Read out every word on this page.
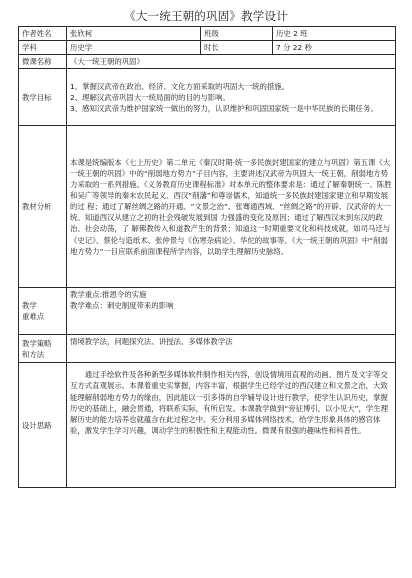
《大一统王朝的巩固》教学设计
作者姓名	张欣柯	班级	历史 2 班
学科	历史学	时长	7 分 22 秒
微课名称	《大一统王朝的巩固》		
教学目标	1、掌握汉武帝在政治、经济、文化方面采取的巩固大一统的措施。
2、理解汉武帝巩固大一统局面的的目的与影响。
3、感知汉武帝为维护国家统一做出的努力，认识维护和巩固国家统一是中华民族的长期任务。		

教材分析	本课是统编版本《七上历史》第二单元《秦汉时期·统一多民族封建国家的建立与巩固》第五课《大一统王朝的巩固》中的“削弱地方势力”子目内容，主要讲述汉武帝为巩固大一统王朝，削弱地方势力采取的一系列措施。《义务教育历史课程标准》对本单元的整体要求是：通过了解秦朝统一、陈胜和吴广等领导的秦末农民起义、西汉“削藩”和尊崇儒术，知道统一多民族封建国家建立和早期发展的过 程；通过了解丝绸之路的开通、“文景之治”、张骞通西域、“丝绸之路”的开辟、汉武帝的大一统。知道西汉从建立之初的社会残破发展到国 力强盛的变化及原因；通过了解西汉末到东汉的政治、社会动荡，了 解佛教传入和道教产生的背景；知道这一时期重要文化和科技成就，如司马迁与《史记》、蔡伦与造纸术、张仲景与《伤寒杂病论》、华佗的故事等。《大一统王朝的巩固》中“削弱地方势力”一目应联系前面课程所学内容，以助学生理解历史脉络。		

教学
重难点	教学重点:推恩令的实施
教学难点：刺史制度带来的影响		

教学策略
和方法	情境教学法，问题探究法、讲授法、多媒体教学法		
设计思路	通过手绘软件及各种新型多媒体软件制作相关内容，创设情境用直观的动画、图片及文字等交互方式直观展示。本课着重史实掌握，内容丰富，根据学生已经学过的西汉建立和文景之治，大致能理解削弱地方势力的缘由，因此能以一引多得的自学辅导设计进行教学，使学生认识历史，掌握历史的基础上，融会贯通，将联系实际，有所启发。本课教学做到“旁征博引，以小见大”，学生理解历史的能力培养也就蕴含在此过程之中。充分利用多媒体网络技术，给学生形象具体的感官体验，激发学生学习兴趣，调动学生的积极性和主观能动性。微课有很强的趣味性和科普性。		
